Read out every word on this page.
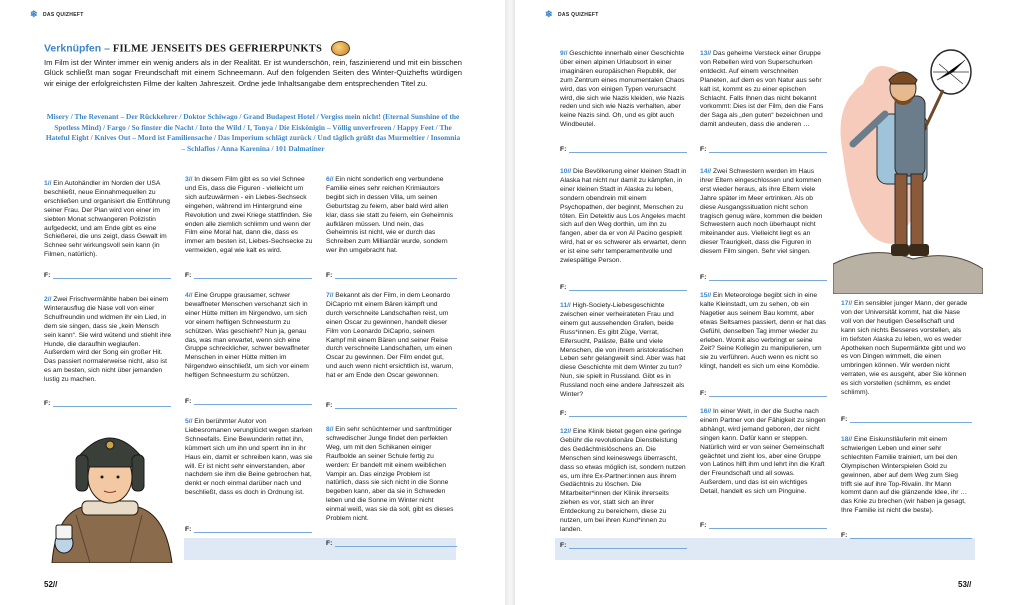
❄ DAS QUIZHEFT
Verknüpfen – FILME JENSEITS DES GEFRIERPUNKTS
Im Film ist der Winter immer ein wenig anders als in der Realität. Er ist wunderschön, rein, faszinierend und mit ein bisschen Glück schließt man sogar Freundschaft mit einem Schneemann. Auf den folgenden Seiten des Winter-Quizhefts würdigen wir einige der erfolgreichsten Filme der kalten Jahreszeit. Ordne jede Inhaltsangabe dem entsprechenden Titel zu.
Misery / The Revenant – Der Rückkehrer / Doktor Schiwago / Grand Budapest Hotel / Vergiss mein nicht! (Eternal Sunshine of the Spotless Mind) / Fargo / So finster die Nacht / Into the Wild / I, Tonya / Die Eiskönigin – Völlig unverfroren / Happy Feet / The Hateful Eight / Knives Out – Mord ist Familiensache / Das Imperium schlägt zurück / Und täglich grüßt das Murmeltier / Insomnia – Schlaflos / Anna Karenina / 101 Dalmatiner

1// Ein Autohändler im Norden der USA beschließt, neue Einnahmequellen zu erschließen und organisiert die Entführung seiner Frau. Der Plan wird von einer im siebten Monat schwangeren Polizistin aufgedeckt, und am Ende gibt es eine Schießerei, die uns zeigt, dass Gewalt im Schnee sehr wirkungsvoll sein kann (in Filmen, natürlich).

F:

2// Zwei Frischvermählte haben bei einem Winterausflug die Nase voll von einer Schulfreundin und widmen ihr ein Lied, in dem sie singen, dass sie „kein Mensch sein kann“. Sie wird wütend und stiehlt ihre Hunde, die daraufhin weglaufen. Außerdem wird der Song ein großer Hit. Das passiert normalerweise nicht, also ist es am besten, sich nicht über jemanden lustig zu machen.

F:

3// In diesem Film gibt es so viel Schnee und Eis, dass die Figuren - vielleicht um sich aufzuwärmen - ein Liebes-Sechseck eingehen, während im Hintergrund eine Revolution und zwei Kriege stattfinden. Sie enden alle ziemlich schlimm und wenn der Film eine Moral hat, dann die, dass es immer am besten ist, Liebes-Sechsecke zu vermeiden, egal wie kalt es wird.

F:

4// Eine Gruppe grausamer, schwer bewaffneter Menschen verschanzt sich in einer Hütte mitten im Nirgendwo, um sich vor einem heftigen Schneesturm zu schützen. Was geschieht? Nun ja, genau das, was man erwartet, wenn sich eine Gruppe schrecklicher, schwer bewaffneter Menschen in einer Hütte mitten im Nirgendwo einschließt, um sich vor einem heftigen Schneesturm zu schützen.

F:

5// Ein berühmter Autor von Liebesromanen verunglückt wegen starken Schneefalls. Eine Bewunderin rettet ihn, kümmert sich um ihn und sperrt ihn in ihr Haus ein, damit er schreiben kann, was sie will. Er ist nicht sehr einverstanden, aber nachdem sie ihm die Beine gebrochen hat, denkt er noch einmal darüber nach und beschließt, dass es doch in Ordnung ist.

F:

6// Ein nicht sonderlich eng verbundene Familie eines sehr reichen Krimiautors begibt sich in dessen Villa, um seinen Geburtstag zu feiern, aber bald wird allen klar, dass sie statt zu feiern, ein Geheimnis aufklären müssen. Und nein, das Geheimnis ist nicht, wie er durch das Schreiben zum Milliardär wurde, sondern wer ihn umgebracht hat.

F:

7// Bekannt als der Film, in dem Leonardo DiCaprio mit einem Bären kämpft und durch verschneite Landschaften reist, um einen Oscar zu gewinnen, handelt dieser Film von Leonardo DiCaprio, seinem Kampf mit einem Bären und seiner Reise durch verschneite Landschaften, um einen Oscar zu gewinnen. Der Film endet gut, und auch wenn nicht ersichtlich ist, warum, hat er am Ende den Oscar gewonnen.

F:

8// Ein sehr schüchterner und sanftmütiger schwedischer Junge findet den perfekten Weg, um mit den Schikanen einiger Raufbolde an seiner Schule fertig zu werden: Er bandelt mit einem weiblichen Vampir an. Das einzige Problem ist natürlich, dass sie sich nicht in die Sonne begeben kann, aber da sie in Schweden leben und die Sonne im Winter nicht einmal weiß, was sie da soll, gibt es dieses Problem nicht.

F:
52//
❄ DAS QUIZHEFT

9// Geschichte innerhalb einer Geschichte über einen alpinen Urlaubsort in einer imaginären europäischen Republik, der zum Zentrum eines monumentalen Chaos wird, das von einigen Typen verursacht wird, die sich wie Nazis kleiden, wie Nazis reden und sich wie Nazis verhalten, aber keine Nazis sind. Oh, und es gibt auch Windbeutel.

F:

10// Die Bevölkerung einer kleinen Stadt in Alaska hat nicht nur damit zu kämpfen, in einer kleinen Stadt in Alaska zu leben, sondern obendrein mit einem Psychopathen, der beginnt, Menschen zu töten. Ein Detektiv aus Los Angeles macht sich auf den Weg dorthin, um ihn zu fangen, aber da er von Al Pacino gespielt wird, hat er es schwerer als erwartet, denn er ist eine sehr temperamentvolle und zwiespältige Person.

F:

11// High-Society-Liebesgeschichte zwischen einer verheirateten Frau und einem gut aussehenden Grafen, beide Russ*innen. Es gibt Züge, Verrat, Eifersucht, Paläste, Bälle und viele Menschen, die von ihrem aristokratischen Leben sehr gelangweilt sind. Aber was hat diese Geschichte mit dem Winter zu tun? Nun, sie spielt in Russland. Gibt es in Russland noch eine andere Jahreszeit als Winter?

F:

12// Eine Klinik bietet gegen eine geringe Gebühr die revolutionäre Dienstleistung des Gedächtnislöschens an. Die Menschen sind keineswegs überrascht, dass so etwas möglich ist, sondern nutzen es, um ihre Ex-Partner:innen aus ihrem Gedächtnis zu löschen. Die Mitarbeiter*innen der Klinik ihrerseits ziehen es vor, statt sich an ihrer Entdeckung zu bereichern, diese zu nutzen, um bei ihren Kund*innen zu landen.

F:

13// Das geheime Versteck einer Gruppe von Rebellen wird von Superschurken entdeckt. Auf einem verschneiten Planeten, auf dem es von Natur aus sehr kalt ist, kommt es zu einer epischen Schlacht. Falls Ihnen das nicht bekannt vorkommt: Dies ist der Film, den die Fans der Saga als „den guten“ bezeichnen und damit andeuten, dass die anderen …

F:

14// Zwei Schwestern werden im Haus ihrer Eltern eingeschlossen und kommen erst wieder heraus, als ihre Eltern viele Jahre später im Meer ertrinken. Als ob diese Ausgangssituation nicht schon tragisch genug wäre, kommen die beiden Schwestern auch noch überhaupt nicht miteinander aus. Vielleicht liegt es an dieser Traurigkeit, dass die Figuren in diesem Film singen. Sehr viel singen.

F:

15// Ein Meteorologe begibt sich in eine kalte Kleinstadt, um zu sehen, ob ein Nagetier aus seinem Bau kommt, aber etwas Seltsames passiert, denn er hat das Gefühl, denselben Tag immer wieder zu erleben. Womit also verbringt er seine Zeit? Seine Kollegin zu manipulieren, um sie zu verführen. Auch wenn es nicht so klingt, handelt es sich um eine Komödie.

F:

16// In einer Welt, in der die Suche nach einem Partner von der Fähigkeit zu singen abhängt, wird jemand geboren, der nicht singen kann. Dafür kann er steppen. Natürlich wird er von seiner Gemeinschaft geächtet und zieht los, aber eine Gruppe von Latinos hilft ihm und lehrt ihn die Kraft der Freundschaft und all sowas. Außerdem, und das ist ein wichtiges Detail, handelt es sich um Pinguine.

F:

17// Ein sensibler junger Mann, der gerade von der Universität kommt, hat die Nase voll von der heutigen Gesellschaft und kann sich nichts Besseres vorstellen, als im tiefsten Alaska zu leben, wo es weder Apotheken noch Supermärkte gibt und wo es von Dingen wimmelt, die einen umbringen können. Wir werden nicht verraten, wie es ausgeht, aber Sie können es sich vorstellen (schlimm, es endet schlimm).

F:

18// Eine Eiskunstläuferin mit einem schwierigen Leben und einer sehr schlechten Familie trainiert, um bei den Olympischen Winterspielen Gold zu gewinnen, aber auf dem Weg zum Sieg trifft sie auf ihre Top-Rivalin. Ihr Mann kommt dann auf die glänzende Idee, ihr … das Knie zu brechen (wir haben ja gesagt, Ihre Familie ist nicht die beste).

F:
53//
